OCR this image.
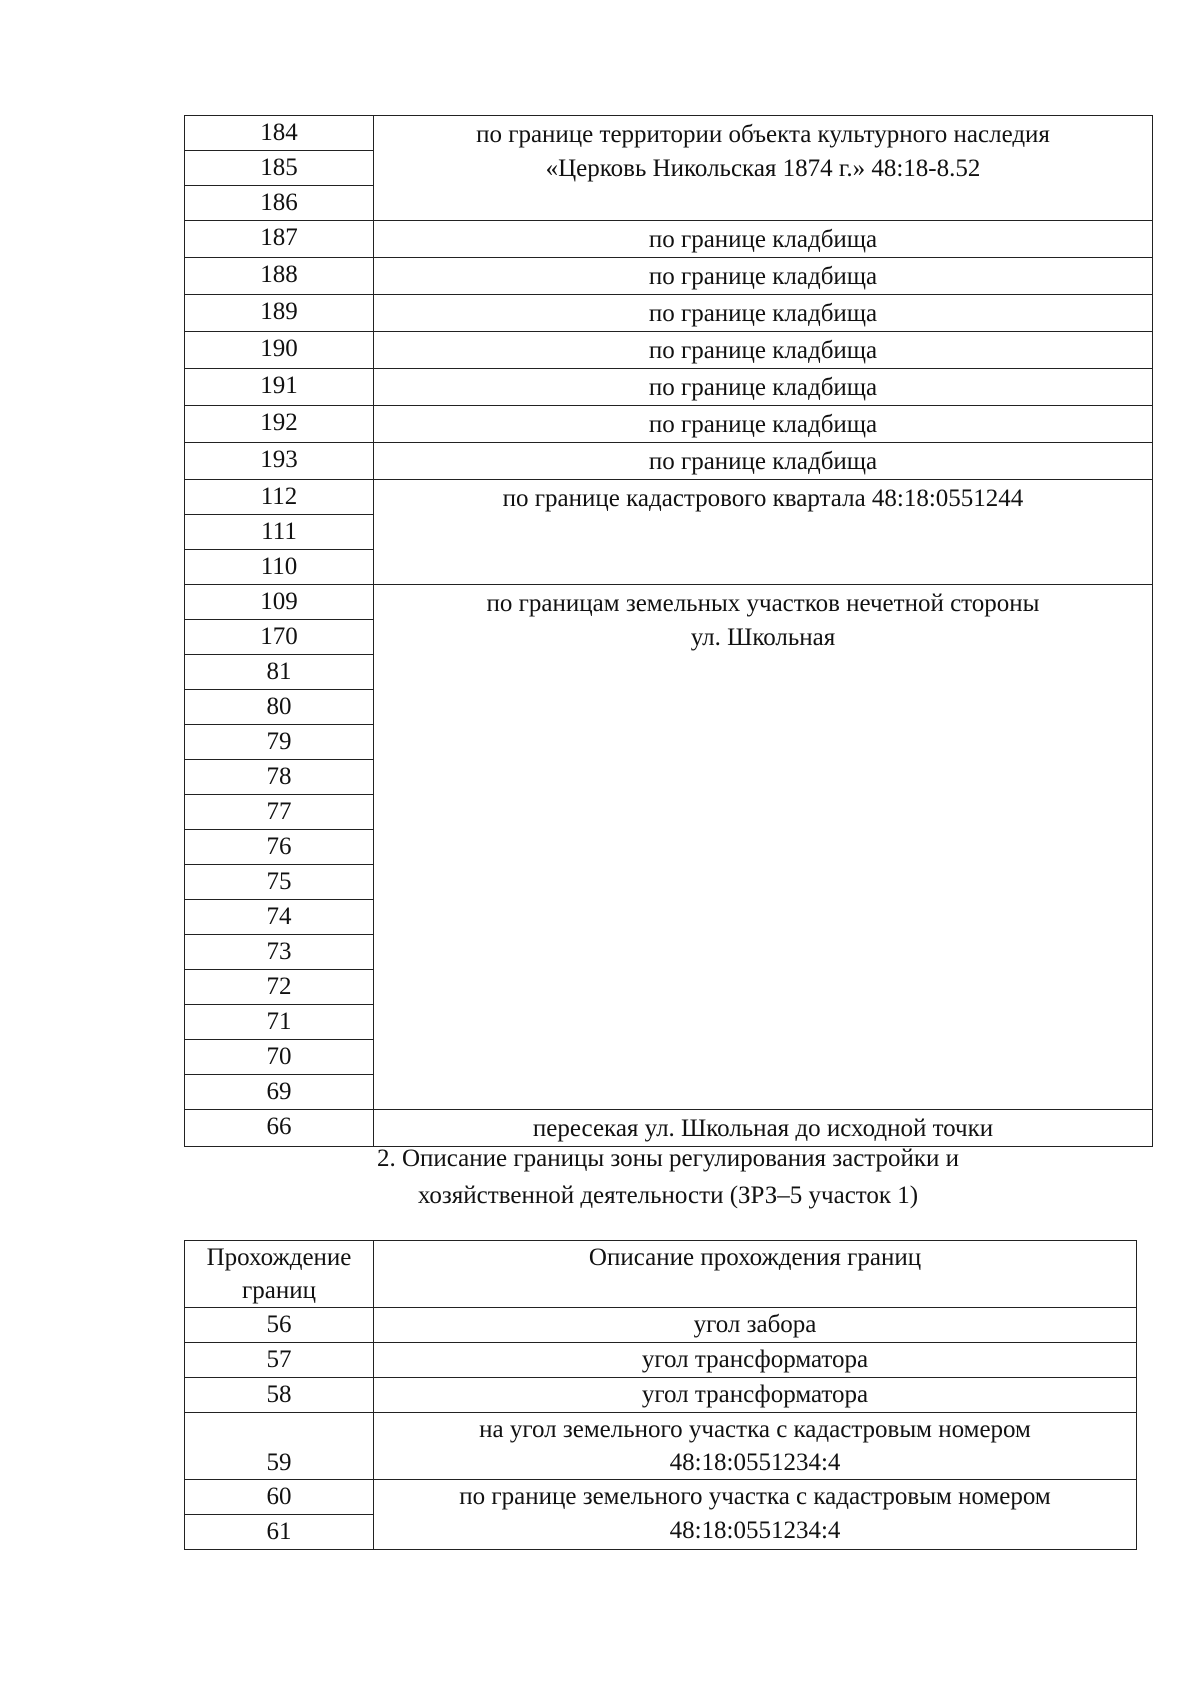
184	по границе территории объекта культурного наследия
«Церковь Никольская 1874 г.» 48:18-8.52

185	
186	
187	по границе кладбища

188	по границе кладбища

189	по границе кладбища

190	по границе кладбища

191	по границе кладбища

192	по границе кладбища

193	по границе кладбища

112	по границе кадастрового квартала 48:18:0551244

111	
110	
109	по границам земельных участков нечетной стороны
ул. Школьная

170	
81	
80	
79	
78	
77	
76	
75	
74	
73	
72	
71	
70	
69	
66	пересекая ул. Школьная до исходной точки
2. Описание границы зоны регулирования застройки и
хозяйственной деятельности (ЗРЗ–5 участок 1)
Прохождение
границ	Описание прохождения границ
56	угол забора

57	угол трансформатора

58	угол трансформатора

59	на угол земельного участка с кадастровым номером
48:18:0551234:4

60	по границе земельного участка с кадастровым номером
48:18:0551234:4

61	
